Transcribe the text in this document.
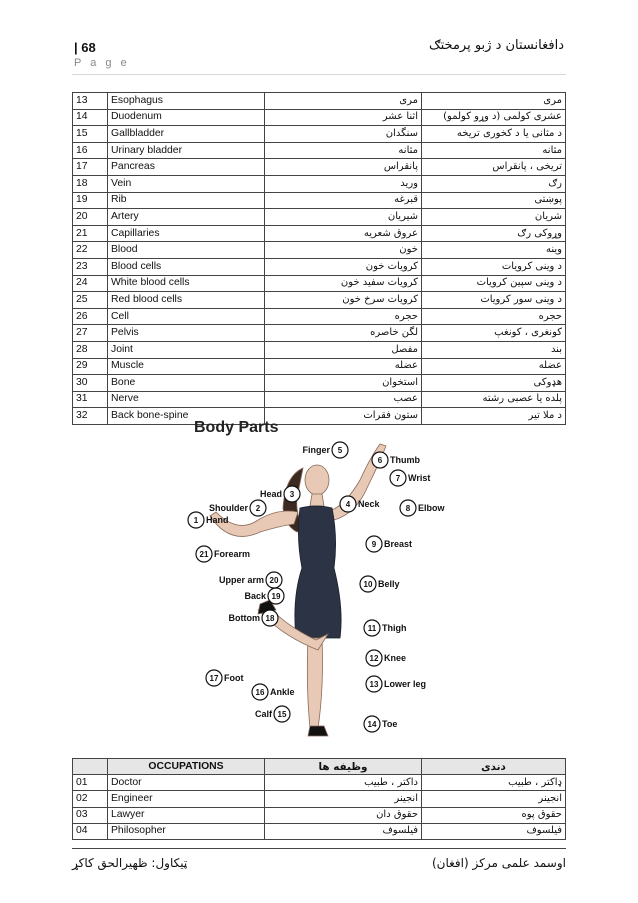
| 68
P a g e
دافغانستان د ژبو پرمختګ
13	Esophagus	مری	مری
14	Duodenum	اثنا عشر	عشری کولمی (د وړو کولمو)
15	Gallbladder	سنگدان	د مثانی یا د کخوری تریخه
16	Urinary bladder	مثانه	مثانه
17	Pancreas	پانقراس	تریخی ، پانقراس
18	Vein	ورید	رګ
19	Rib	قبرغه	پوښتی
20	Artery	شیریان	شریان
21	Capillaries	عروق شعریه	وړوکی رګ
22	Blood	خون	وینه
23	Blood cells	کرویات خون	د وینی کرویات
24	White blood cells	کرویات سفید خون	د وینی سپین کرویات
25	Red blood cells	کرویات سرخ خون	د وینی سور کرویات
26	Cell	حجره	حجره
27	Pelvis	لگن خاصره	کونغری ، کونغپ
28	Joint	مفصل	بند
29	Muscle	عضله	عضله
30	Bone	استخوان	هډوکی
31	Nerve	عصب	پلده یا عصبی رشته
32	Back bone-spine	ستون فقرات	د ملا تیر
Body Parts
1 Hand
2
Shoulder
3
Head
4 Neck
5
Finger
6 Thumb
7 Wrist
8 Elbow
9 Breast
10 Belly
11 Thigh
12 Knee
13 Lower leg
14 Toe
15
Calf
16 Ankle
17 Foot
18
Bottom
19
Back
20
Upper arm
21 Forearm
	OCCUPATIONS	وظیفه ها	دندی
01	Doctor	داکتر ، طبیب	ډاکتر ، طبیب
02	Engineer	انجینر	انجینر
03	Lawyer	حقوق دان	حقوق پوه
04	Philosopher	فیلسوف	فیلسوف
ټیکاول: ظهیرالحق کاکړ	اوسمد علمی مرکز (افغان)
